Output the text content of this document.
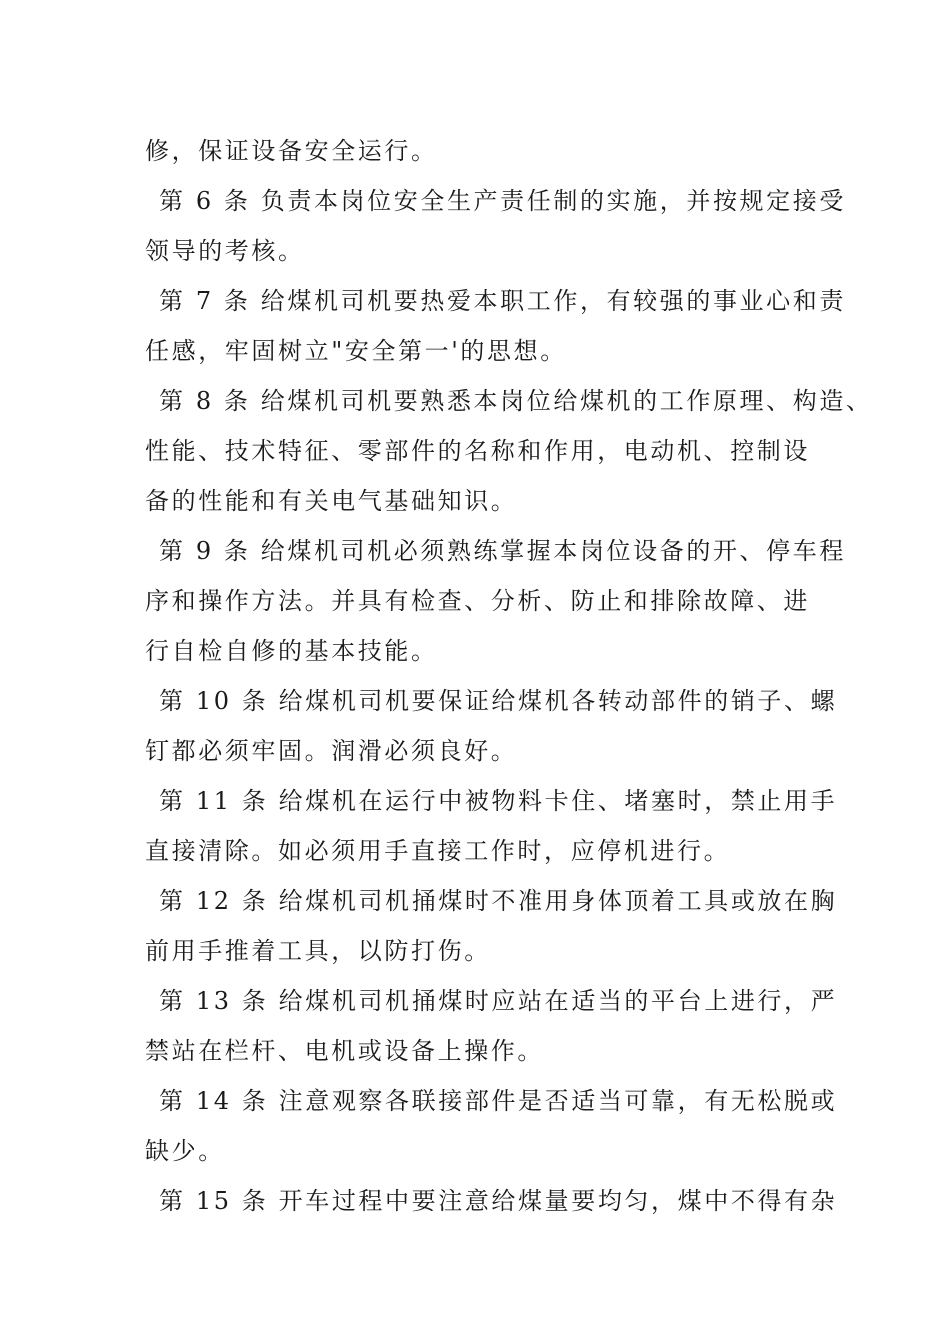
修，保证设备安全运行。
第 6 条 负责本岗位安全生产责任制的实施，并按规定接受
领导的考核。
第 7 条 给煤机司机要热爱本职工作，有较强的事业心和责
任感，牢固树立"安全第一'的思想。
第 8 条 给煤机司机要熟悉本岗位给煤机的工作原理、构造、
性能、技术特征、零部件的名称和作用，电动机、控制设
备的性能和有关电气基础知识。
第 9 条 给煤机司机必须熟练掌握本岗位设备的开、停车程
序和操作方法。并具有检查、分析、防止和排除故障、进
行自检自修的基本技能。
第 10 条 给煤机司机要保证给煤机各转动部件的销子、螺
钉都必须牢固。润滑必须良好。
第 11 条 给煤机在运行中被物料卡住、堵塞时，禁止用手
直接清除。如必须用手直接工作时，应停机进行。
第 12 条 给煤机司机捅煤时不准用身体顶着工具或放在胸
前用手推着工具，以防打伤。
第 13 条 给煤机司机捅煤时应站在适当的平台上进行，严
禁站在栏杆、电机或设备上操作。
第 14 条 注意观察各联接部件是否适当可靠，有无松脱或
缺少。
第 15 条 开车过程中要注意给煤量要均匀，煤中不得有杂
